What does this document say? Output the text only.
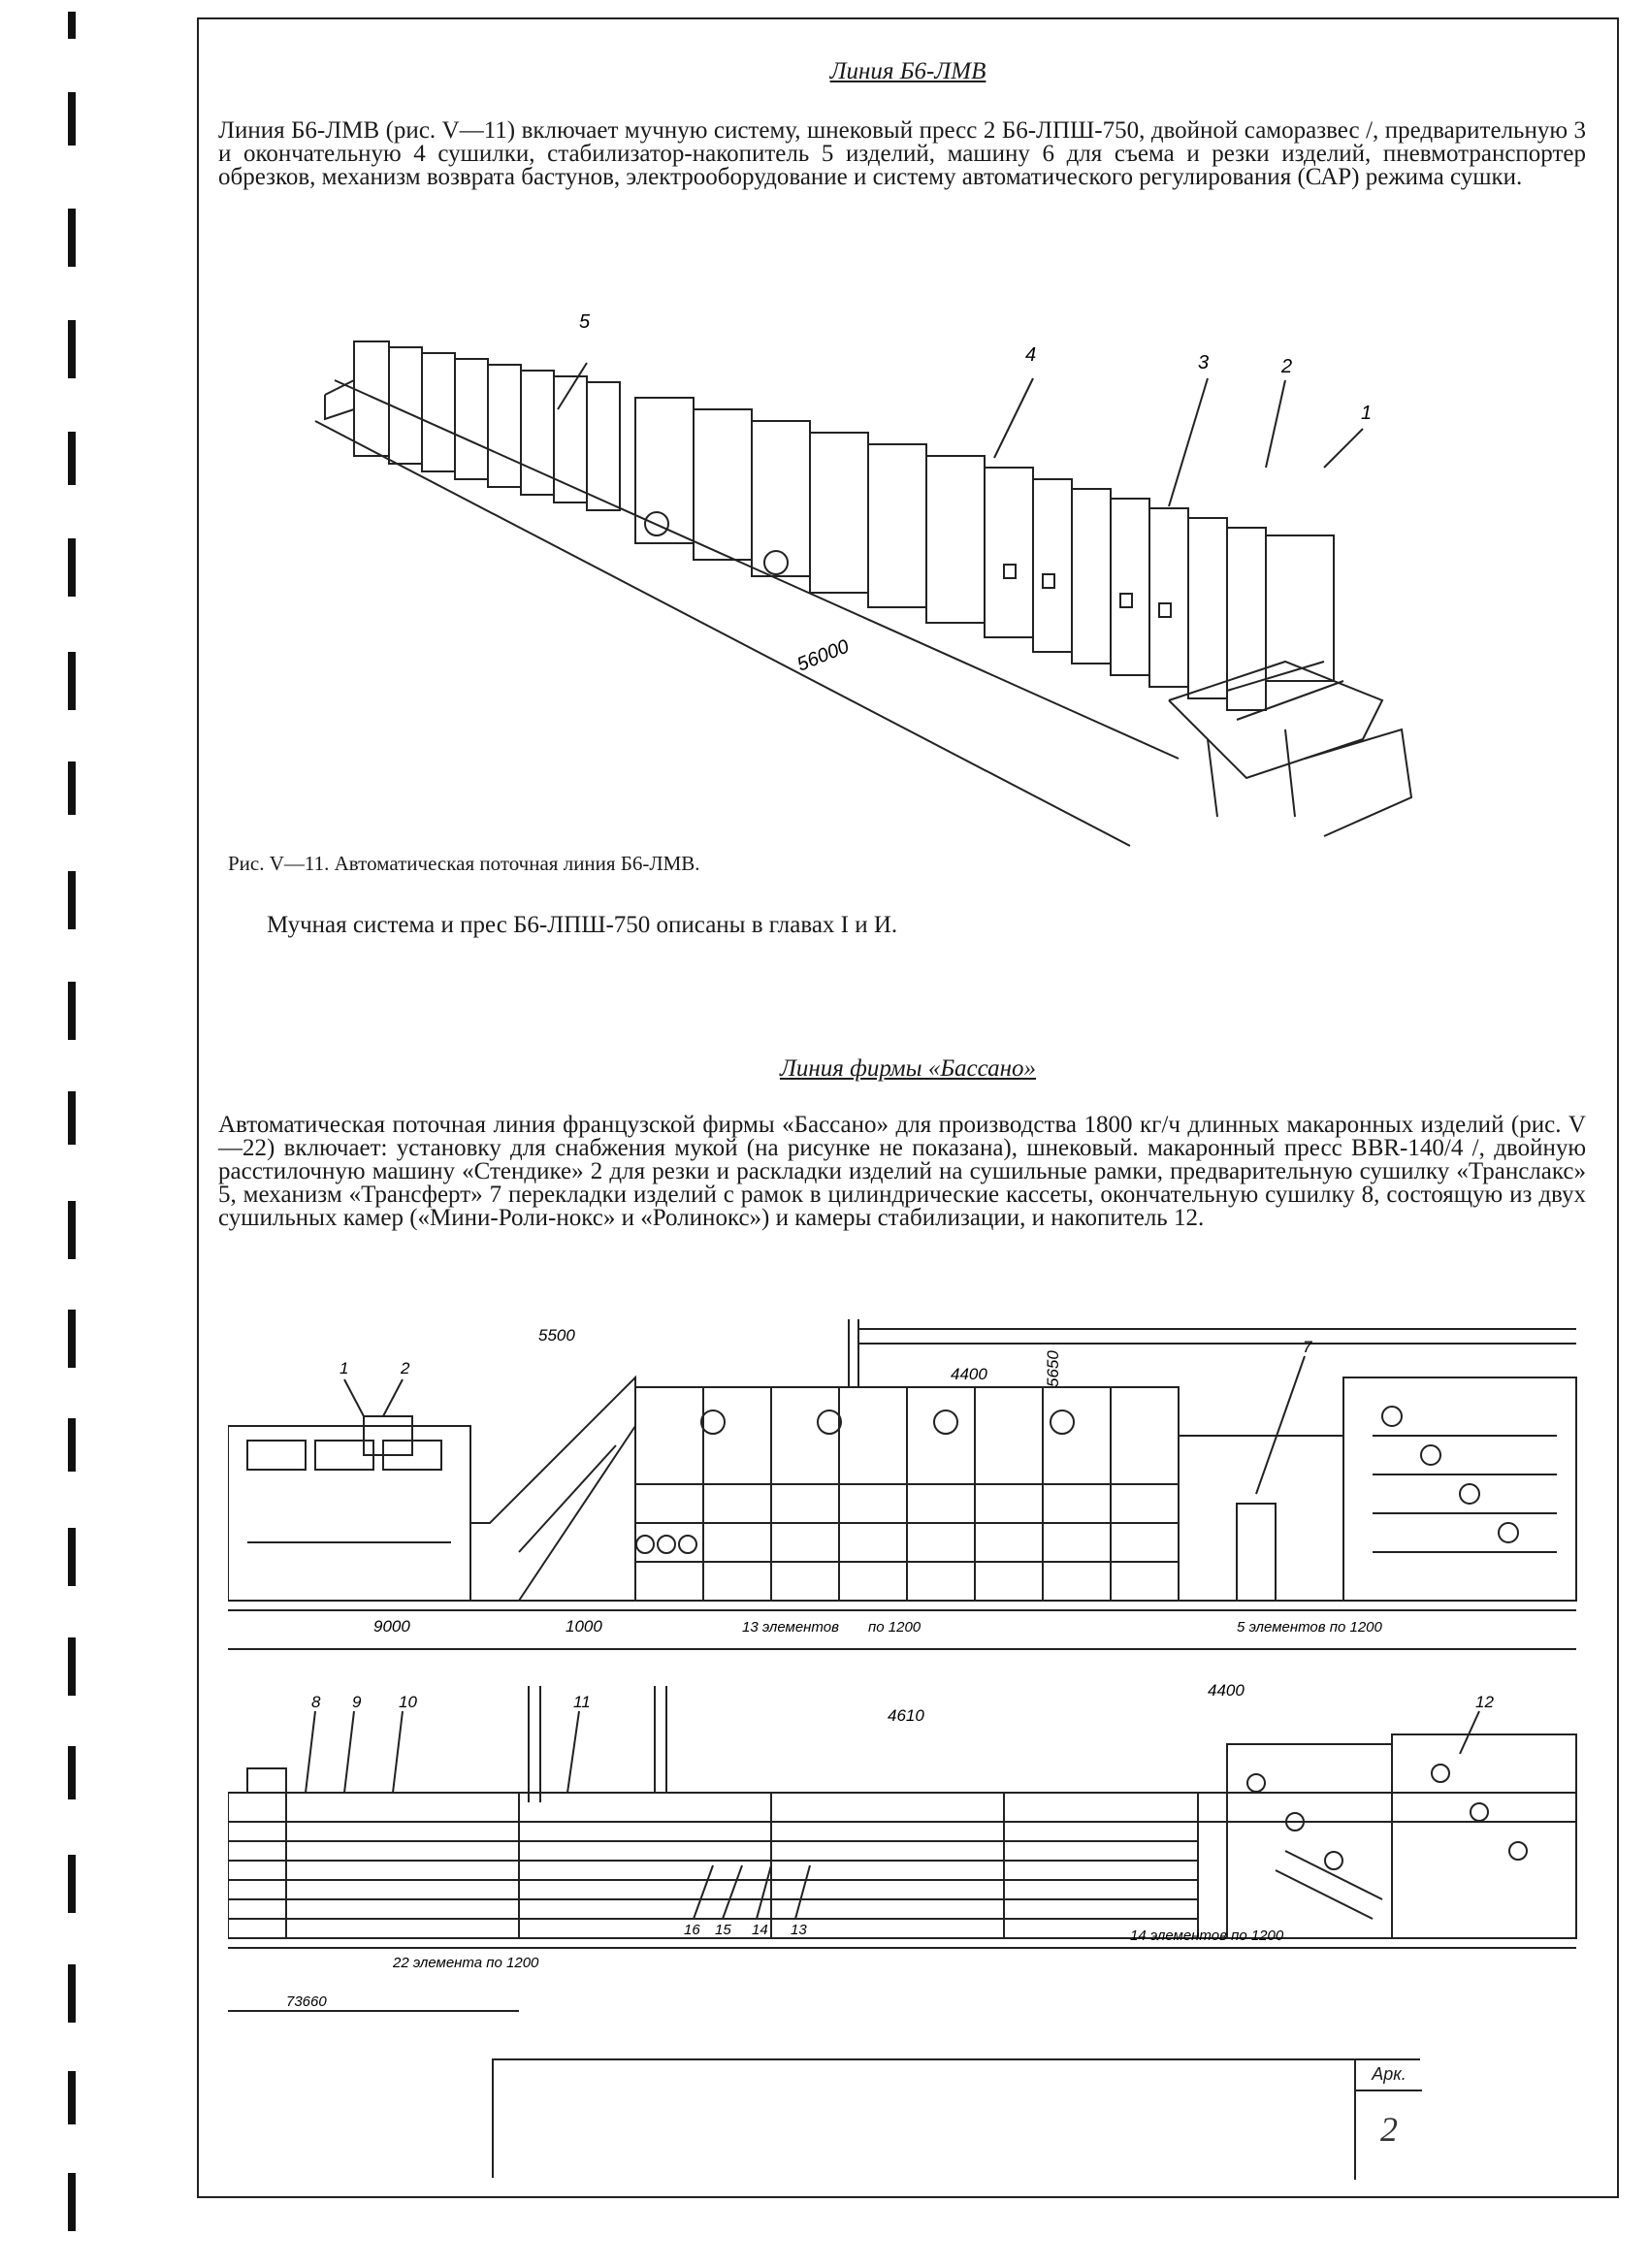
Линия Б6-ЛМВ

Линия Б6-ЛМВ (рис. V—11) включает мучную систему, шнековый пресс 2 Б6-ЛПШ-750, двойной саморазвес /, предварительную 3 и окончательную 4 сушилки, стабилизатор-накопитель 5 изделий, машину 6 для съема и резки изделий, пневмотранспортер обрезков, механизм возврата бастунов, электрооборудование и систему автоматического регулирования (САР) режима сушки.

5
4	3	2
1
56000
Рис. V—11. Автоматическая поточная линия Б6-ЛМВ.

Мучная система и прес Б6-ЛПШ-750 описаны в главах I и И.

Линия фирмы «Бассано»

Автоматическая поточная линия французской фирмы «Бассано» для производства 1800 кг/ч длинных макаронных изделий (рис. V—22) включает: установку для снабжения мукой (на рисунке не показана), шнековый. макаронный пресс BBR-140/4 /, двойную расстилочную машину «Стендике» 2 для резки и раскладки изделий на сушильные рамки, предварительную сушилку «Транслакс» 5, механизм «Трансферт» 7 перекладки изделий с рамок в цилиндрические кассеты, окончательную сушилку 8, состоящую из двух сушильных камер («Мини-Роли-нокс» и «Ролинокс») и камеры стабилизации, и накопитель 12.

5500
4400	5650
1	2
7
9000	1000	13 элементов по 1200	5 элементов по 1200
8 9 10	11	12
4610
4400
16 15 14 13
22 элемента по 1200
14 элементов по 1200
73660
Арк.
2
